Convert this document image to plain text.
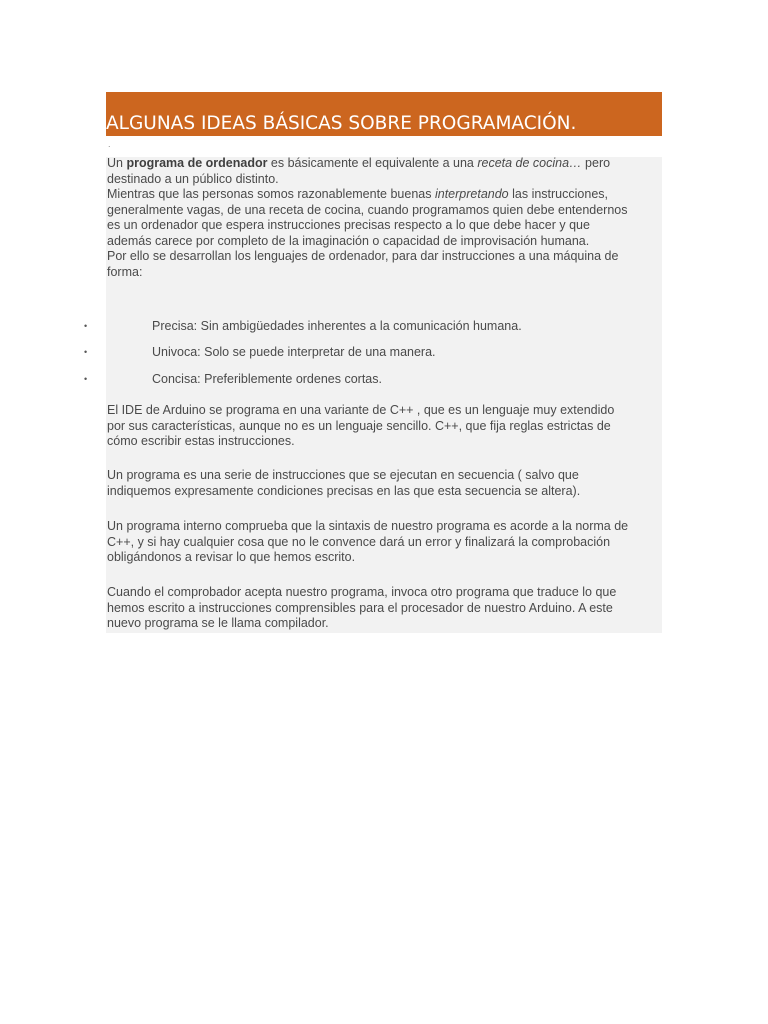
ALGUNAS IDEAS BÁSICAS SOBRE PROGRAMACIÓN.
.

Un programa de ordenador es básicamente el equivalente a una receta de cocina… pero

destinado a un público distinto.

Mientras que las personas somos razonablemente buenas interpretando las instrucciones,

generalmente vagas, de una receta de cocina, cuando programamos quien debe entendernos

es un ordenador que espera instrucciones precisas respecto a lo que debe hacer y que

además carece por completo de la imaginación o capacidad de improvisación humana.

Por ello se desarrollan los lenguajes de ordenador, para dar instrucciones a una máquina de

forma:

•	Precisa: Sin ambigüedades inherentes a la comunicación humana.
•	Univoca: Solo se puede interpretar de una manera.
•	Concisa: Preferiblemente ordenes cortas.

El IDE de Arduino se programa en una variante de C++ , que es un lenguaje muy extendido

por sus características, aunque no es un lenguaje sencillo. C++, que fija reglas estrictas de

cómo escribir estas instrucciones.

Un programa es una serie de instrucciones que se ejecutan en secuencia ( salvo que

indiquemos expresamente condiciones precisas en las que esta secuencia se altera).

Un programa interno comprueba que la sintaxis de nuestro programa es acorde a la norma de

C++, y si hay cualquier cosa que no le convence dará un error y finalizará la comprobación

obligándonos a revisar lo que hemos escrito.

Cuando el comprobador acepta nuestro programa, invoca otro programa que traduce lo que

hemos escrito a instrucciones comprensibles para el procesador de nuestro Arduino. A este

nuevo programa se le llama compilador.
